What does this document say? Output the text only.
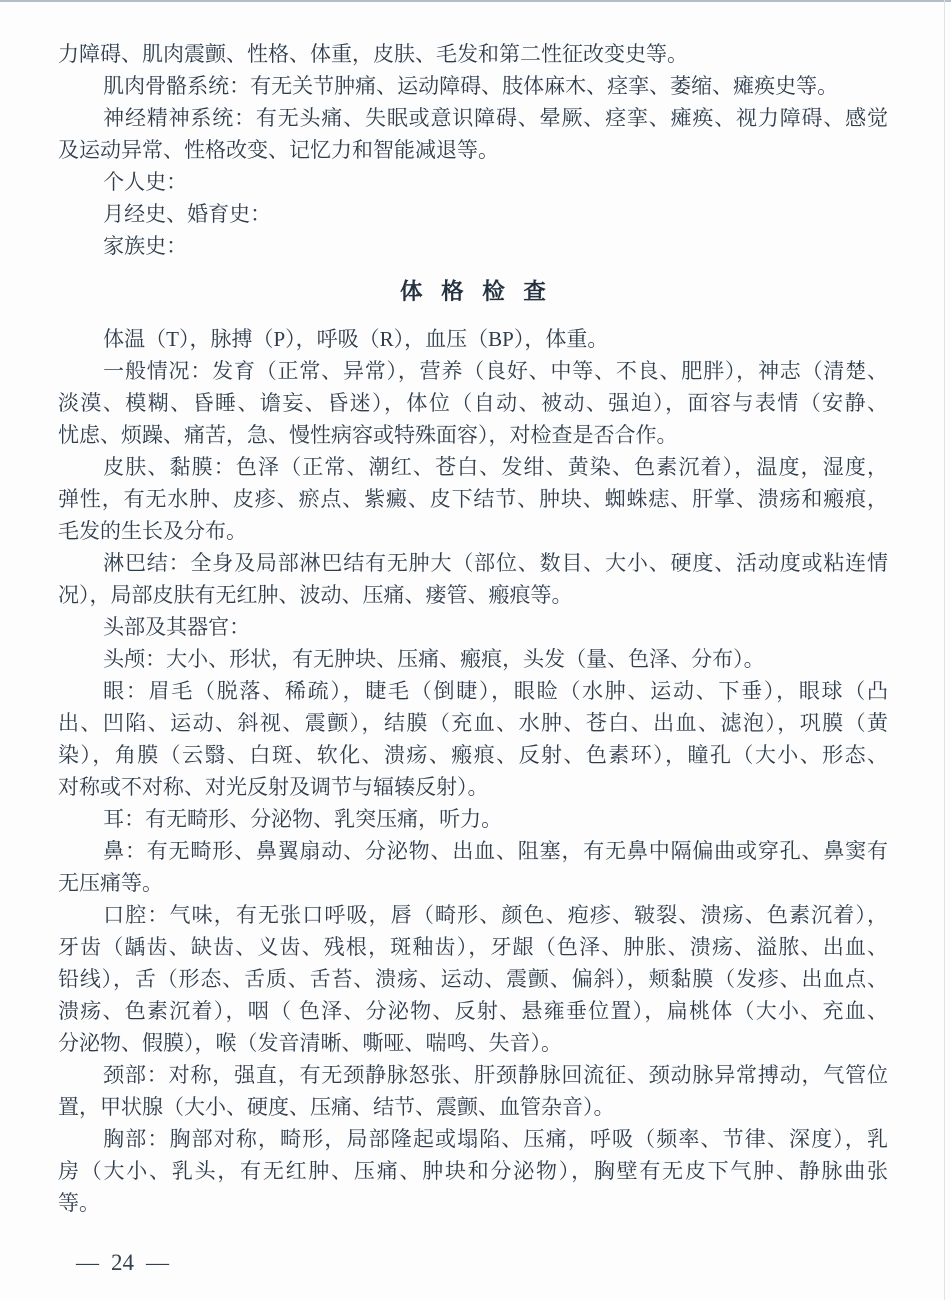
力障碍、肌肉震颤、性格、体重，皮肤、毛发和第二性征改变史等。
肌肉骨骼系统：有无关节肿痛、运动障碍、肢体麻木、痉挛、萎缩、瘫痪史等。
神经精神系统：有无头痛、失眠或意识障碍、晕厥、痉挛、瘫痪、视力障碍、感觉
及运动异常、性格改变、记忆力和智能减退等。
个人史：
月经史、婚育史：
家族史：
体 格 检 查
体温（T），脉搏（P），呼吸（R），血压（BP），体重。
一般情况：发育（正常、异常），营养（良好、中等、不良、肥胖），神志（清楚、
淡漠、模糊、昏睡、谵妄、昏迷），体位（自动、被动、强迫），面容与表情（安静、
忧虑、烦躁、痛苦，急、慢性病容或特殊面容），对检查是否合作。
皮肤、黏膜：色泽（正常、潮红、苍白、发绀、黄染、色素沉着），温度，湿度，
弹性，有无水肿、皮疹、瘀点、紫癜、皮下结节、肿块、蜘蛛痣、肝掌、溃疡和瘢痕，
毛发的生长及分布。
淋巴结：全身及局部淋巴结有无肿大（部位、数目、大小、硬度、活动度或粘连情
况），局部皮肤有无红肿、波动、压痛、瘘管、瘢痕等。
头部及其器官：
头颅：大小、形状，有无肿块、压痛、瘢痕，头发（量、色泽、分布）。
眼：眉毛（脱落、稀疏），睫毛（倒睫），眼睑（水肿、运动、下垂），眼球（凸
出、凹陷、运动、斜视、震颤），结膜（充血、水肿、苍白、出血、滤泡），巩膜（黄
染），角膜（云翳、白斑、软化、溃疡、瘢痕、反射、色素环），瞳孔（大小、形态、
对称或不对称、对光反射及调节与辐辏反射）。
耳：有无畸形、分泌物、乳突压痛，听力。
鼻：有无畸形、鼻翼扇动、分泌物、出血、阻塞，有无鼻中隔偏曲或穿孔、鼻窦有
无压痛等。
口腔：气味，有无张口呼吸，唇（畸形、颜色、疱疹、皲裂、溃疡、色素沉着），
牙齿（龋齿、缺齿、义齿、残根，斑釉齿），牙龈（色泽、肿胀、溃疡、溢脓、出血、
铅线），舌（形态、舌质、舌苔、溃疡、运动、震颤、偏斜），颊黏膜（发疹、出血点、
溃疡、色素沉着），咽（ 色泽、分泌物、反射、悬雍垂位置），扁桃体（大小、充血、
分泌物、假膜），喉（发音清晰、嘶哑、喘鸣、失音）。
颈部：对称，强直，有无颈静脉怒张、肝颈静脉回流征、颈动脉异常搏动，气管位
置，甲状腺（大小、硬度、压痛、结节、震颤、血管杂音）。
胸部：胸部对称，畸形，局部隆起或塌陷、压痛，呼吸（频率、节律、深度），乳
房（大小、乳头，有无红肿、压痛、肿块和分泌物），胸壁有无皮下气肿、静脉曲张
等。
— 24 —
